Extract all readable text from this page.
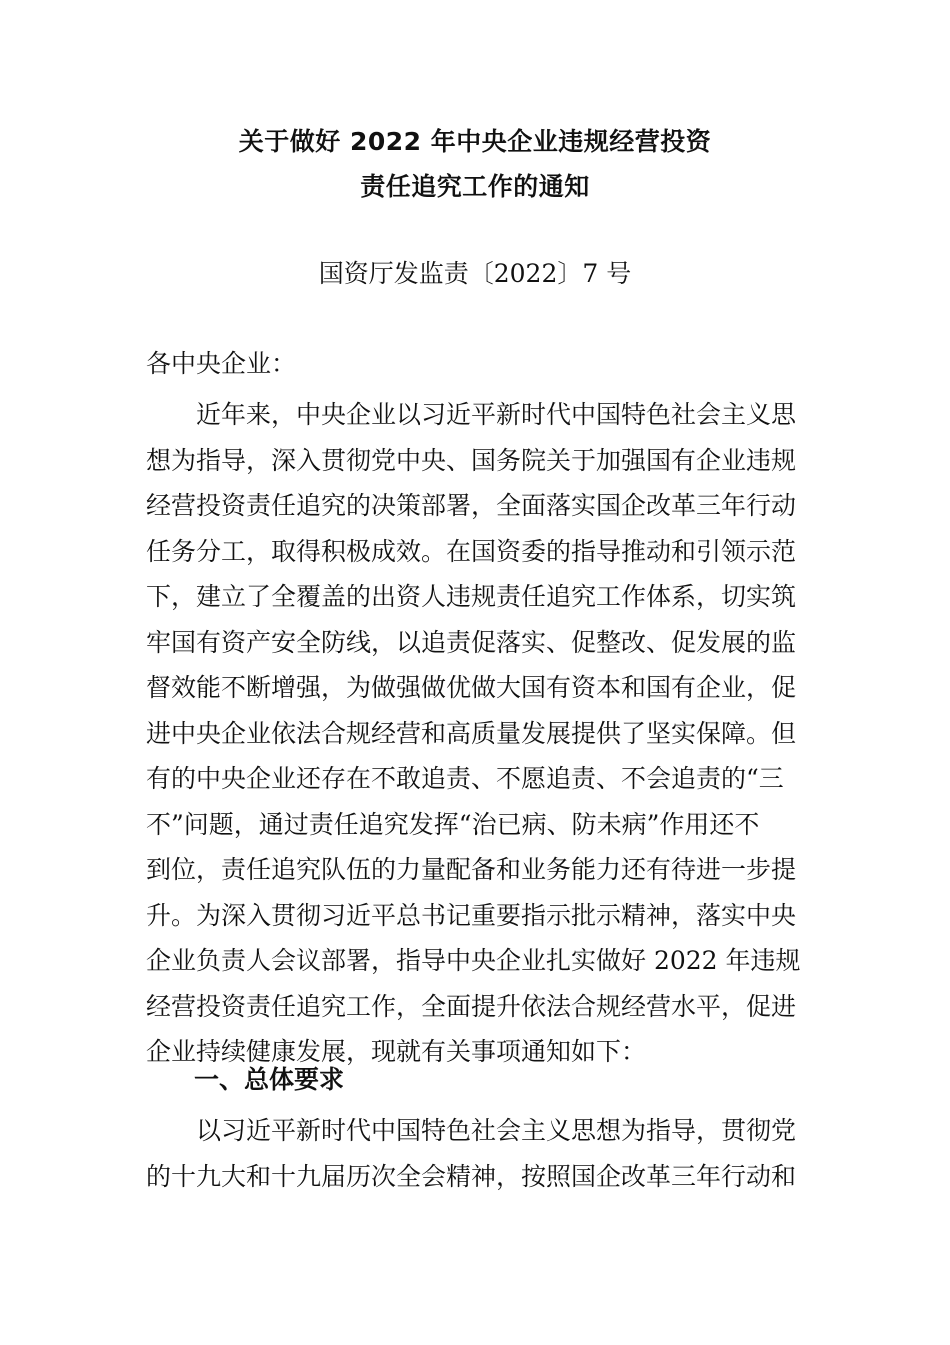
关于做好 2022 年中央企业违规经营投资
责任追究工作的通知

国资厅发监责〔2022〕7 号

各中央企业：

近年来，中央企业以习近平新时代中国特色社会主义思
想为指导，深入贯彻党中央、国务院关于加强国有企业违规
经营投资责任追究的决策部署，全面落实国企改革三年行动
任务分工，取得积极成效。在国资委的指导推动和引领示范
下，建立了全覆盖的出资人违规责任追究工作体系，切实筑
牢国有资产安全防线，以追责促落实、促整改、促发展的监
督效能不断增强，为做强做优做大国有资本和国有企业，促
进中央企业依法合规经营和高质量发展提供了坚实保障。但
有的中央企业还存在不敢追责、不愿追责、不会追责的“三
不”问题，通过责任追究发挥“治已病、防未病”作用还不
到位，责任追究队伍的力量配备和业务能力还有待进一步提
升。为深入贯彻习近平总书记重要指示批示精神，落实中央
企业负责人会议部署，指导中央企业扎实做好 2022 年违规
经营投资责任追究工作，全面提升依法合规经营水平，促进
企业持续健康发展，现就有关事项通知如下：
一、总体要求
以习近平新时代中国特色社会主义思想为指导，贯彻党
的十九大和十九届历次全会精神，按照国企改革三年行动和
